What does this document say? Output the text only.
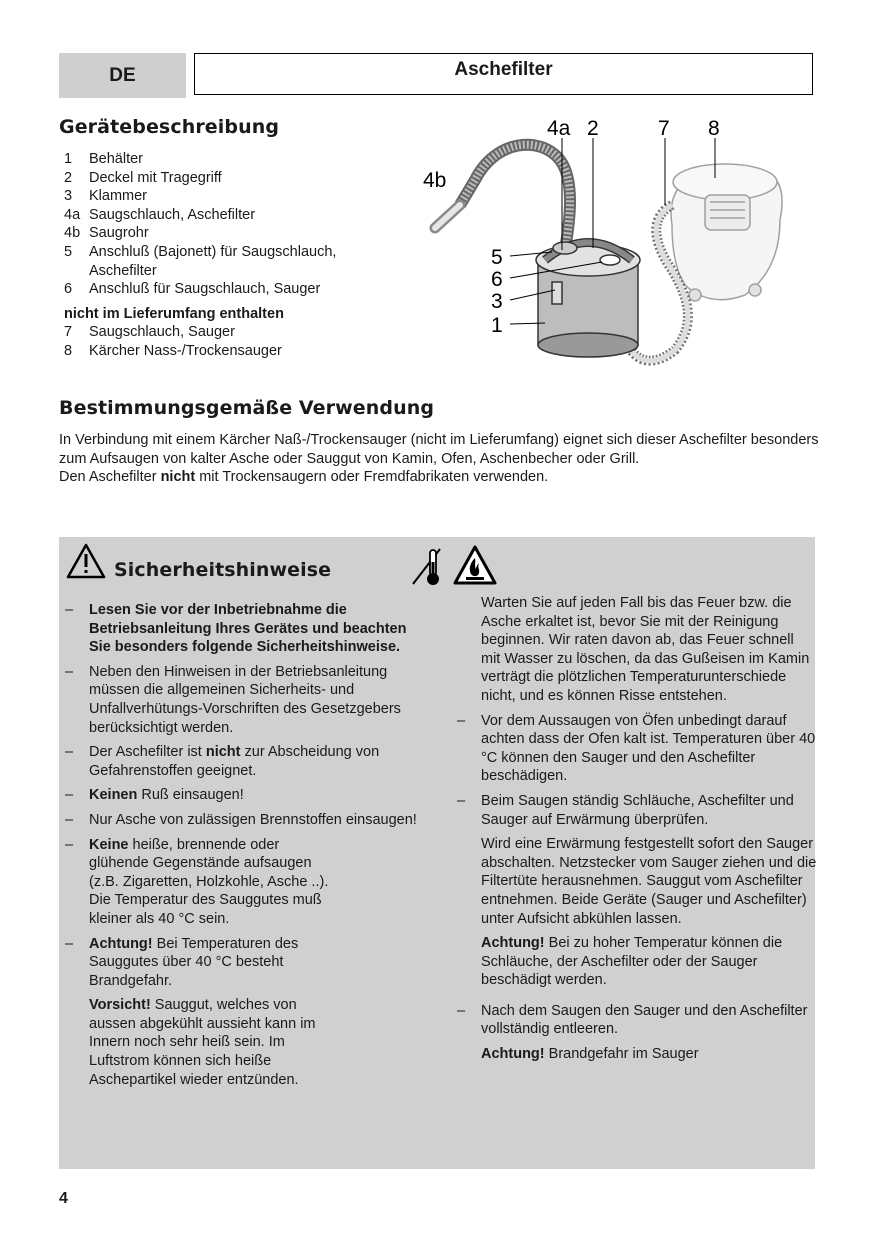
DE	Aschefilter
Gerätebeschreibung
1	Behälter
2	Deckel mit Tragegriff
3	Klammer
4a Saugschlauch, Aschefilter
4b Saugrohr
5	Anschluß (Bajonett) für Saugschlauch,
Aschefilter
6	Anschluß für Saugschlauch, Sauger
nicht im Lieferumfang enthalten
7	Saugschlauch, Sauger
8	Kärcher Nass-/Trockensauger
4a 2	7 8
4b
5
6
3
1
Bestimmungsgemäße Verwendung

In Verbindung mit einem Kärcher Naß-/Trockensauger (nicht im Lieferumfang) eignet sich dieser Aschefilter besonders zum Aufsaugen von kalter Asche oder Sauggut von Kamin, Ofen, Aschenbecher oder Grill.

Den Aschefilter nicht mit Trockensaugern oder Fremdfabrikaten verwenden.

Sicherheitshinweise
–	Lesen Sie vor der Inbetriebnahme die Betriebsanleitung Ihres Gerätes und beachten Sie besonders folgende Sicherheitshinweise.
–	Neben den Hinweisen in der Betriebsanleitung müssen die allgemeinen Sicherheits- und Unfallverhütungs-Vorschriften des Gesetzgebers berücksichtigt werden.
–	Der Aschefilter ist nicht zur Abscheidung von Gefahrenstoffen geeignet.
–	Keinen Ruß einsaugen!
–	Nur Asche von zulässigen Brennstoffen einsaugen!
–	Keine heiße, brennende oder glühende Gegenstände aufsaugen (z.B. Zigaretten, Holzkohle, Asche ..). Die Temperatur des Sauggutes muß kleiner als 40 °C sein.
–	Achtung! Bei Temperaturen des Sauggutes über 40 °C besteht Brandgefahr.

Vorsicht! Sauggut, welches von aussen abgekühlt aussieht kann im Innern noch sehr heiß sein. Im Luftstrom können sich heiße Aschepartikel wieder entzünden.

Warten Sie auf jeden Fall bis das Feuer bzw. die Asche erkaltet ist, bevor Sie mit der Reinigung beginnen. Wir raten davon ab, das Feuer schnell mit Wasser zu löschen, da das Gußeisen im Kamin verträgt die plötzlichen Temperaturunterschiede nicht, und es können Risse entstehen.

–	Vor dem Aussaugen von Öfen unbedingt darauf achten dass der Ofen kalt ist. Temperaturen über 40 °C können den Sauger und den Aschefilter beschädigen.
–	Beim Saugen ständig Schläuche, Aschefilter und Sauger auf Erwärmung überprüfen.

Wird eine Erwärmung festgestellt sofort den Sauger abschalten. Netzstecker vom Sauger ziehen und die Filtertüte herausnehmen. Sauggut vom Aschefilter entnehmen. Beide Geräte (Sauger und Aschefilter) unter Aufsicht abkühlen lassen.

Achtung! Bei zu hoher Temperatur können die Schläuche, der Aschefilter oder der Sauger beschädigt werden.

–	Nach dem Saugen den Sauger und den Aschefilter vollständig entleeren.

Achtung! Brandgefahr im Sauger

4
